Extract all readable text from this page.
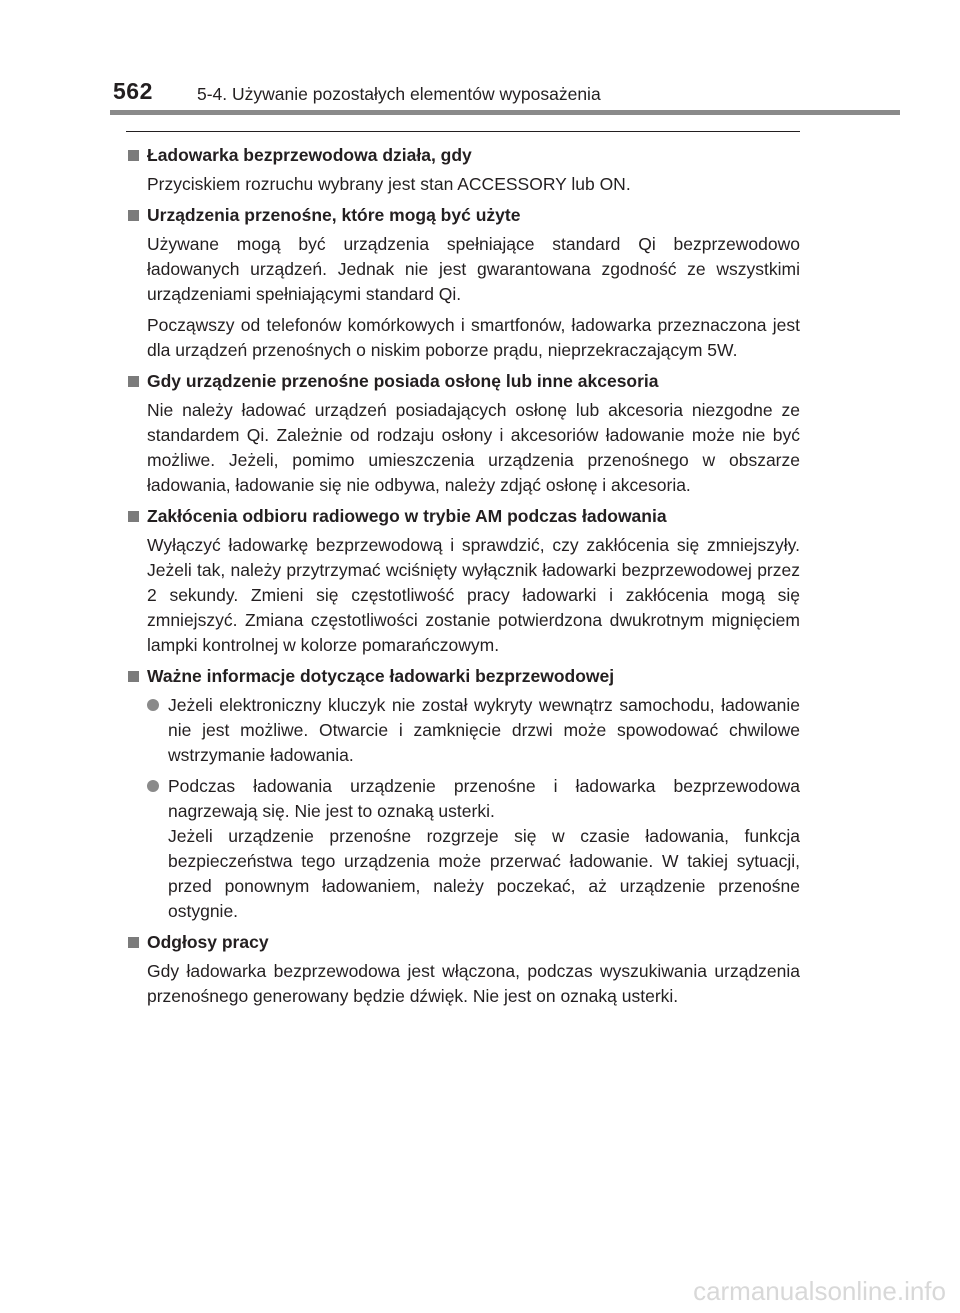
562	5-4. Używanie pozostałych elementów wyposażenia
Ładowarka bezprzewodowa działa, gdy
Przyciskiem rozruchu wybrany jest stan ACCESSORY lub ON.
Urządzenia przenośne, które mogą być użyte
Używane mogą być urządzenia spełniające standard Qi bezprzewodowo ładowanych urządzeń. Jednak nie jest gwarantowana zgodność ze wszystkimi urządzeniami spełniającymi standard Qi.
Począwszy od telefonów komórkowych i smartfonów, ładowarka przeznaczona jest dla urządzeń przenośnych o niskim poborze prądu, nieprzekraczającym 5W.
Gdy urządzenie przenośne posiada osłonę lub inne akcesoria
Nie należy ładować urządzeń posiadających osłonę lub akcesoria niezgodne ze standardem Qi. Zależnie od rodzaju osłony i akcesoriów ładowanie może nie być możliwe. Jeżeli, pomimo umieszczenia urządzenia przenośnego w obszarze ładowania, ładowanie się nie odbywa, należy zdjąć osłonę i akcesoria.
Zakłócenia odbioru radiowego w trybie AM podczas ładowania
Wyłączyć ładowarkę bezprzewodową i sprawdzić, czy zakłócenia się zmniejszyły. Jeżeli tak, należy przytrzymać wciśnięty wyłącznik ładowarki bezprzewodowej przez 2 sekundy. Zmieni się częstotliwość pracy ładowarki i zakłócenia mogą się zmniejszyć. Zmiana częstotliwości zostanie potwierdzona dwukrotnym mignięciem lampki kontrolnej w kolorze pomarańczowym.
Ważne informacje dotyczące ładowarki bezprzewodowej
Jeżeli elektroniczny kluczyk nie został wykryty wewnątrz samochodu, ładowanie nie jest możliwe. Otwarcie i zamknięcie drzwi może spowodować chwilowe wstrzymanie ładowania.
Podczas ładowania urządzenie przenośne i ładowarka bezprzewodowa nagrzewają się. Nie jest to oznaką usterki.
Jeżeli urządzenie przenośne rozgrzeje się w czasie ładowania, funkcja bezpieczeństwa tego urządzenia może przerwać ładowanie. W takiej sytuacji, przed ponownym ładowaniem, należy poczekać, aż urządzenie przenośne ostygnie.
Odgłosy pracy
Gdy ładowarka bezprzewodowa jest włączona, podczas wyszukiwania urządzenia przenośnego generowany będzie dźwięk. Nie jest on oznaką usterki.
carmanualsonline.info
